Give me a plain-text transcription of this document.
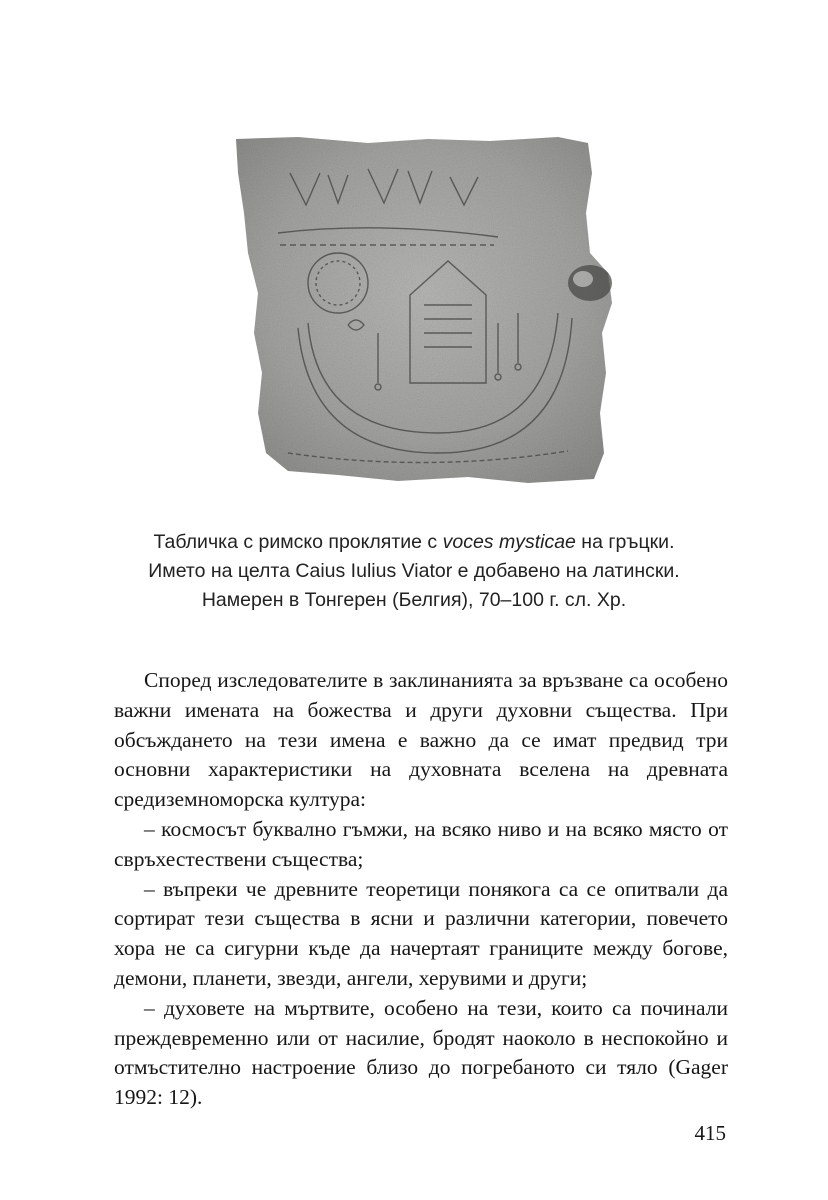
Табличка с римско проклятие с voces mysticae на гръцки.
Името на целта Caius Iulius Viator е добавено на латински.
Намерен в Тонгерен (Белгия), 70–100 г. сл. Хр.

Според изследователите в заклинанията за връзване са особено важни имената на божества и други духовни същества. При обсъждането на тези имена е важно да се имат предвид три основни характеристики на духовната вселена на древната средиземноморска култура:

– космосът буквално гъмжи, на всяко ниво и на всяко място от свръхестествени същества;

– въпреки че древните теоретици понякога са се опитвали да сортират тези същества в ясни и различни категории, повечето хора не са сигурни къде да начертаят границите между богове, демони, планети, звезди, ангели, херувими и други;

– духовете на мъртвите, особено на тези, които са починали преждевременно или от насилие, бродят наоколо в неспокойно и отмъстително настроение близо до погребаното си тяло (Gager 1992: 12).

415
